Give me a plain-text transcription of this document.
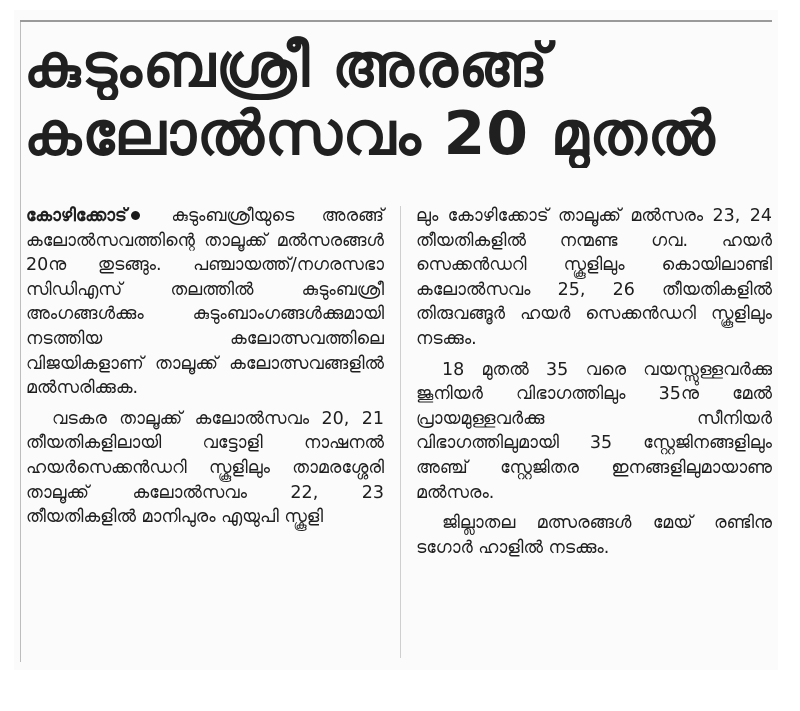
കുടുംബശ്രീ അരങ്ങ്
കലോൽസവം 20 മുതൽ

കോഴിക്കോട്	കുടുംബശ്രീയുടെ അരങ്ങ് കലോൽസവത്തിന്റെ താലൂക്ക് മൽസരങ്ങൾ 20നു തുടങ്ങും. പഞ്ചായത്ത്/നഗരസഭാ സിഡിഎസ് തലത്തിൽ കുടുംബശ്രീ അംഗങ്ങൾക്കും കുടുംബാംഗങ്ങൾക്കുമായി നടത്തിയ കലോത്സവത്തിലെ വിജയികളാണ് താലൂക്ക് കലോത്സവങ്ങളിൽ മൽസരിക്കുക.

വടകര താലൂക്ക് കലോൽസവം 20, 21 തീയതികളിലായി വട്ടോളി നാഷനൽ ഹയർസെക്കൻഡറി സ്കൂളിലും താമരശ്ശേരി താലൂക്ക് കലോൽസവം 22, 23 തീയതികളിൽ മാനിപുരം എയുപി സ്കൂളി

ലും കോഴിക്കോട് താലൂക്ക് മൽസരം 23, 24 തീയതികളിൽ നന്മണ്ട ഗവ. ഹയർ സെക്കൻഡറി സ്കൂളിലും കൊയിലാണ്ടി കലോൽസവം 25, 26 തീയതികളിൽ തിരുവങ്ങൂർ ഹയർ സെക്കൻഡറി സ്കൂളിലും നടക്കും.

18 മുതൽ 35 വരെ വയസ്സുള്ളവർക്കു ജൂനിയർ വിഭാഗത്തിലും 35നു മേൽ പ്രായമുള്ളവർക്കു സീനിയർ വിഭാഗത്തിലുമായി 35 സ്റ്റേജിനങ്ങളിലും അഞ്ച് സ്റ്റേജിതര ഇനങ്ങളിലുമായാണു മൽസരം.

ജില്ലാതല മത്സരങ്ങൾ മേയ് രണ്ടിനു ടഗോർ ഹാളിൽ നടക്കും.
